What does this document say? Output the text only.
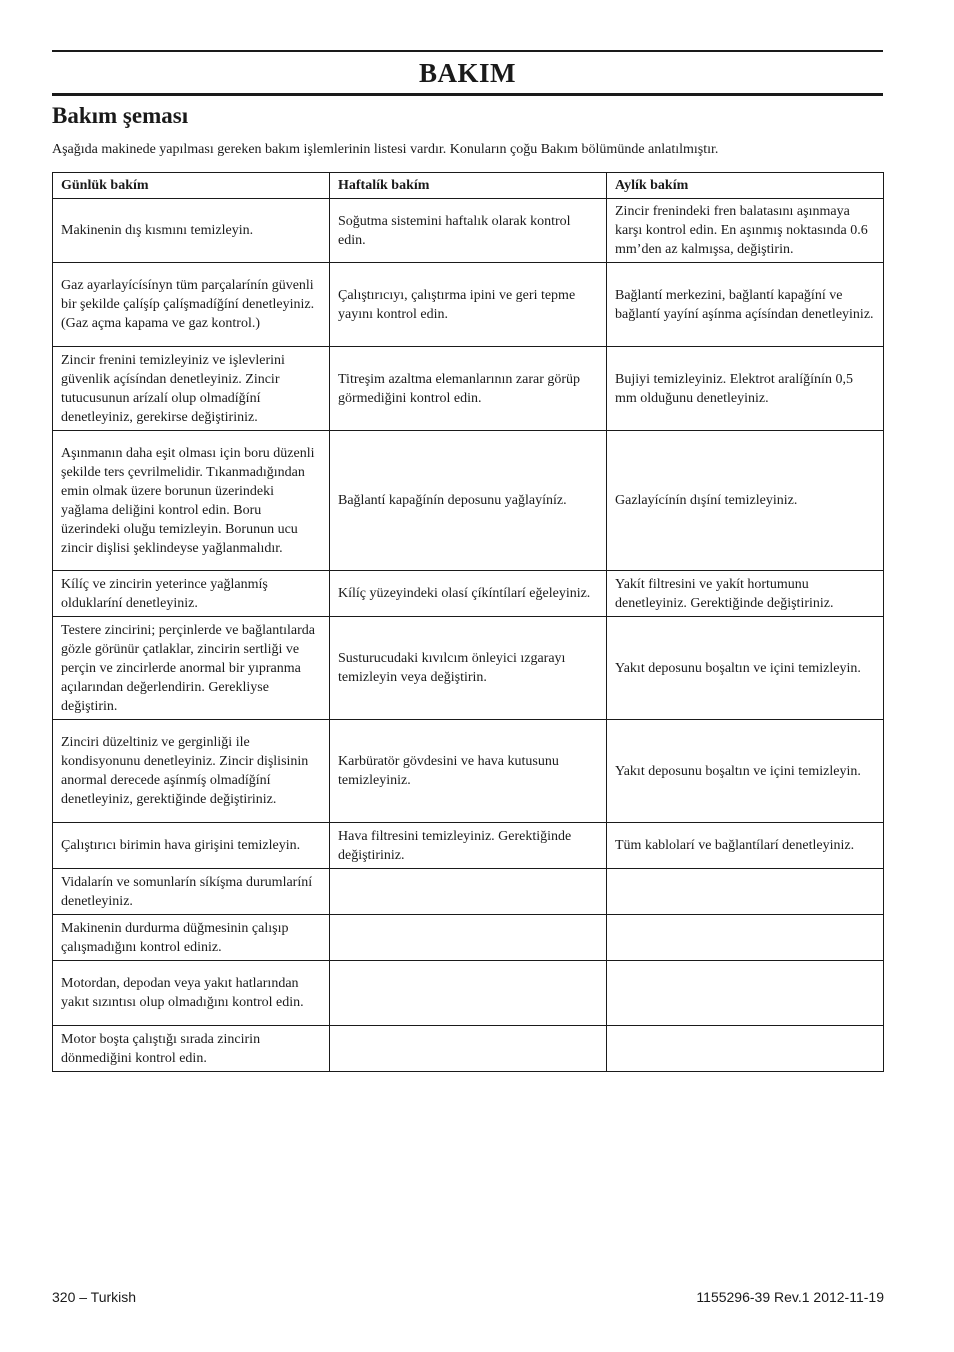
BAKIM
Bakım şeması

Aşağıda makinede yapılması gereken bakım işlemlerinin listesi vardır. Konuların çoğu Bakım bölümünde anlatılmıştır.

Günlük bakím	Haftalík bakím	Aylík bakím
Makinenin dış kısmını temizleyin.	Soğutma sistemini haftalık olarak kontrol edin.	Zincir frenindeki fren balatasını aşınmaya karşı kontrol edin. En aşınmış noktasında 0.6 mm’den az kalmışsa, değiştirin.
Gaz ayarlayícísínyn tüm parçalarínín güvenli bir şekilde çalíşíp çalíşmadíğíní denetleyiniz. (Gaz açma kapama ve gaz kontrol.)	Çalıştırıcıyı, çalıştırma ipini ve geri tepme yayını kontrol edin.	Bağlantí merkezini, bağlantí kapağíní ve bağlantí yayíní aşínma açísíndan denetleyiniz.
Zincir frenini temizleyiniz ve işlevlerini güvenlik açísíndan denetleyiniz. Zincir tutucusunun arízalí olup olmadíğíní denetleyiniz, gerekirse değiştiriniz.	Titreşim azaltma elemanlarının zarar görüp görmediğini kontrol edin.	Bujiyi temizleyiniz. Elektrot aralíğínín 0,5 mm olduğunu denetleyiniz.
Aşınmanın daha eşit olması için boru düzenli şekilde ters çevrilmelidir. Tıkanmadığından emin olmak üzere borunun üzerindeki yağlama deliğini kontrol edin. Boru üzerindeki oluğu temizleyin. Borunun ucu zincir dişlisi şeklindeyse yağlanmalıdır.	Bağlantí kapağínín deposunu yağlayíníz.	Gazlayícínín dışíní temizleyiniz.
Kílíç ve zincirin yeterince yağlanmíş olduklaríní denetleyiniz.	Kílíç yüzeyindeki olasí çíkíntílarí eğeleyiniz.	Yakít filtresini ve yakít hortumunu denetleyiniz. Gerektiğinde değiştiriniz.
Testere zincirini; perçinlerde ve bağlantılarda gözle görünür çatlaklar, zincirin sertliği ve perçin ve zincirlerde anormal bir yıpranma açılarından değerlendirin. Gerekliyse değiştirin.	Susturucudaki kıvılcım önleyici ızgarayı temizleyin veya değiştirin.	Yakıt deposunu boşaltın ve içini temizleyin.
Zinciri düzeltiniz ve gerginliği ile kondisyonunu denetleyiniz. Zincir dişlisinin anormal derecede aşínmíş olmadíğíní denetleyiniz, gerektiğinde değiştiriniz.	Karbüratör gövdesini ve hava kutusunu temizleyiniz.	Yakıt deposunu boşaltın ve içini temizleyin.
Çalıştırıcı birimin hava girişini temizleyin.	Hava filtresini temizleyiniz. Gerektiğinde değiştiriniz.	Tüm kablolarí ve bağlantílarí denetleyiniz.
Vidalarín ve somunlarín síkíşma durumlaríní denetleyiniz.		
Makinenin durdurma düğmesinin çalışıp çalışmadığını kontrol ediniz.		
Motordan, depodan veya yakıt hatlarından yakıt sızıntısı olup olmadığını kontrol edin.		
Motor boşta çalıştığı sırada zincirin dönmediğini kontrol edin.		
320 – Turkish	1155296-39 Rev.1 2012-11-19
